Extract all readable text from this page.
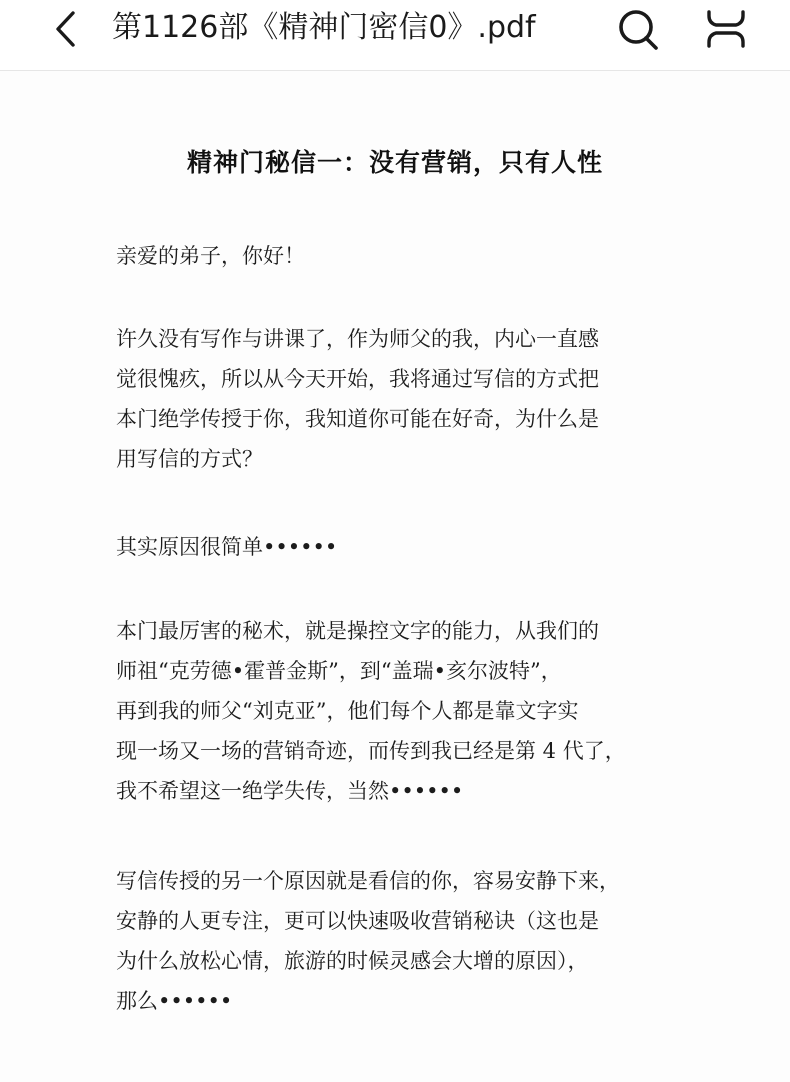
第1126部《精神门密信0》.pdf
精神门秘信一：没有营销，只有人性
亲爱的弟子，你好！
许久没有写作与讲课了，作为师父的我，内心一直感
觉很愧疚，所以从今天开始，我将通过写信的方式把
本门绝学传授于你，我知道你可能在好奇，为什么是
用写信的方式？
其实原因很简单••••••
本门最厉害的秘术，就是操控文字的能力，从我们的
师祖“克劳德•霍普金斯”，到“盖瑞•亥尔波特”，
再到我的师父“刘克亚”，他们每个人都是靠文字实
现一场又一场的营销奇迹，而传到我已经是第 4 代了，
我不希望这一绝学失传，当然••••••
写信传授的另一个原因就是看信的你，容易安静下来，
安静的人更专注，更可以快速吸收营销秘诀（这也是
为什么放松心情，旅游的时候灵感会大增的原因），
那么••••••
